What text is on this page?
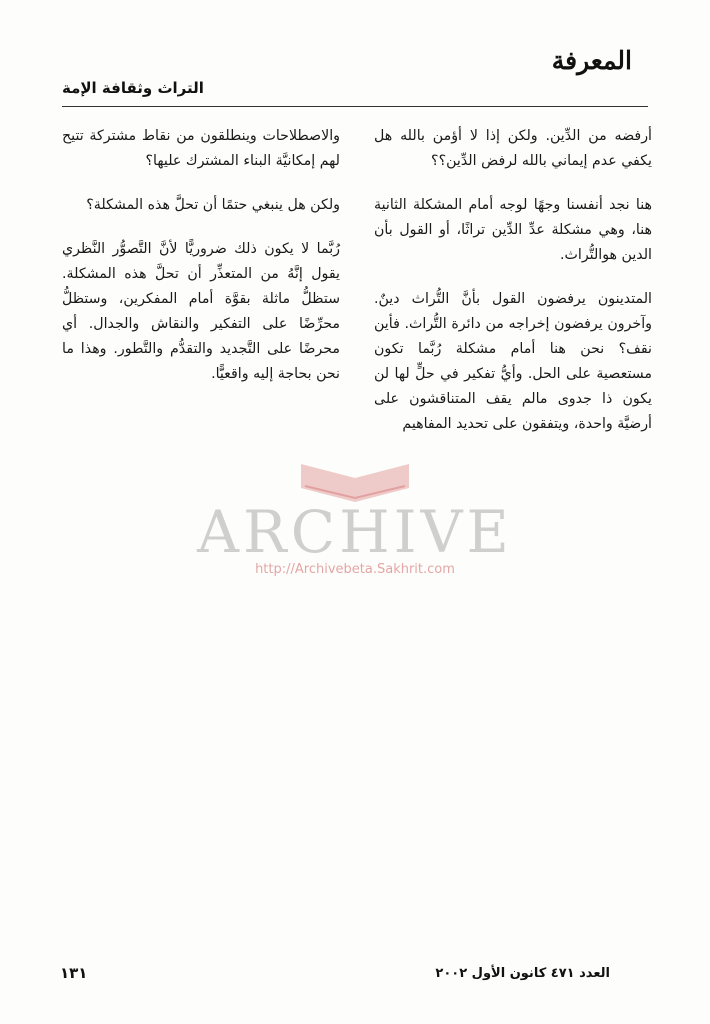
المعرفة
التراث وثقافة الإمة

أرفضه من الدِّين. ولكن إذا لا أؤمن بالله هل يكفي عدم إيماني بالله لرفض الدِّين؟؟

هنا نجد أنفسنا وجهًا لوجه أمام المشكلة الثانية هنا، وهي مشكلة عدِّ الدِّين تراثًا، أو القول بأن الدين هوالتُّراث.

المتدينون يرفضون القول بأنَّ التُّراث دينٌ. وآخرون يرفضون إخراجه من دائرة التُّراث. فأين نقف؟ نحن هنا أمام مشكلة رُبَّما تكون مستعصية على الحل. وأيُّ تفكير في حلٍّ لها لن يكون ذا جدوى مالم يقف المتناقشون على أرضيَّة واحدة، ويتفقون على تحديد المفاهيم

والاصطلاحات وينطلقون من نقاط مشتركة تتيح لهم إمكانيَّة البناء المشترك عليها؟

ولكن هل ينبغي حتمًا أن تحلَّ هذه المشكلة؟

رُبَّما لا يكون ذلك ضروريًّا لأنَّ التَّصوُّر النَّظري يقول إنَّهُ من المتعذِّر أن تحلَّ هذه المشكلة. ستظلُّ ماثلة بقوَّة أمام المفكرين، وستظلُّ محرِّضًا على التفكير والنقاش والجدال. أي محرضًا على التَّجديد والتقدُّم والتَّطور. وهذا ما نحن بحاجة إليه واقعيًّا.

ARCHIVE
http://Archivebeta.Sakhrit.com
العدد ٤٧١ كانون الأول ٢٠٠٢
١٣١
